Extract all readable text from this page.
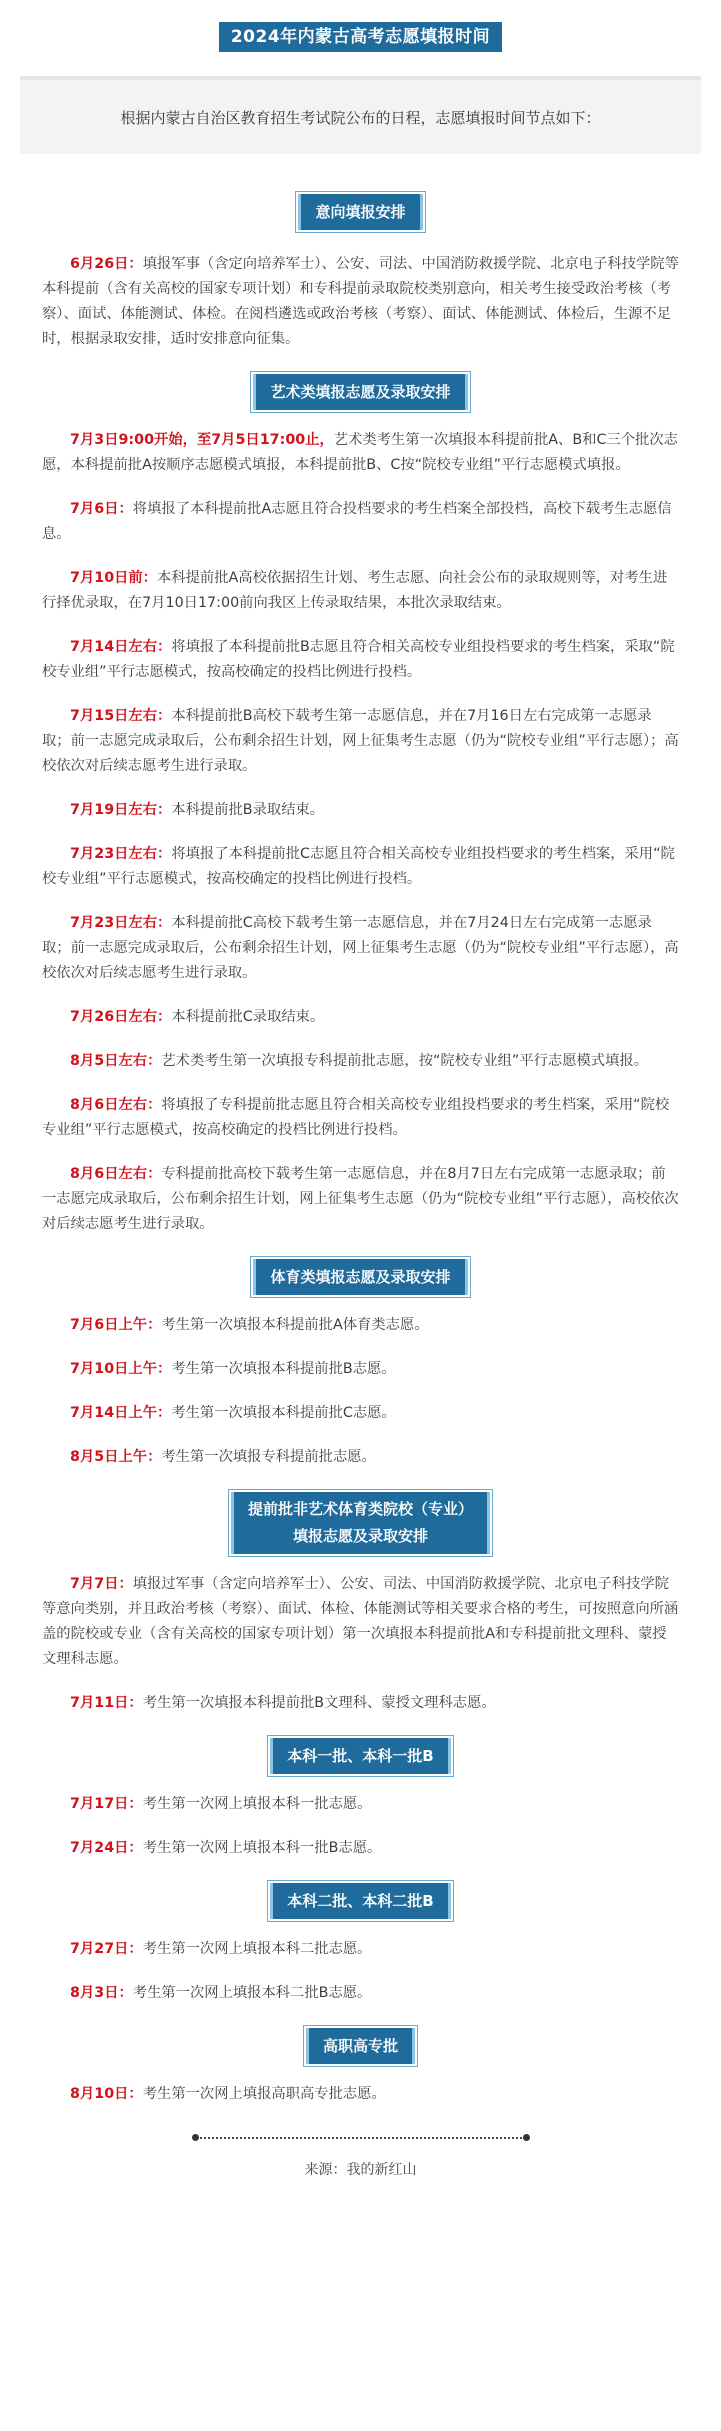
2024年内蒙古高考志愿填报时间
根据内蒙古自治区教育招生考试院公布的日程，志愿填报时间节点如下：
意向填报安排

6月26日：填报军事（含定向培养军士）、公安、司法、中国消防救援学院、北京电子科技学院等本科提前（含有关高校的国家专项计划）和专科提前录取院校类别意向，相关考生接受政治考核（考察）、面试、体能测试、体检。在阅档遴选或政治考核（考察）、面试、体能测试、体检后，生源不足时，根据录取安排，适时安排意向征集。

艺术类填报志愿及录取安排

7月3日9:00开始，至7月5日17:00止，艺术类考生第一次填报本科提前批A、B和C三个批次志愿，本科提前批A按顺序志愿模式填报，本科提前批B、C按“院校专业组”平行志愿模式填报。

7月6日：将填报了本科提前批A志愿且符合投档要求的考生档案全部投档，高校下载考生志愿信息。

7月10日前：本科提前批A高校依据招生计划、考生志愿、向社会公布的录取规则等，对考生进行择优录取，在7月10日17:00前向我区上传录取结果，本批次录取结束。

7月14日左右：将填报了本科提前批B志愿且符合相关高校专业组投档要求的考生档案，采取“院校专业组”平行志愿模式，按高校确定的投档比例进行投档。

7月15日左右：本科提前批B高校下载考生第一志愿信息，并在7月16日左右完成第一志愿录取；前一志愿完成录取后，公布剩余招生计划，网上征集考生志愿（仍为“院校专业组”平行志愿）；高校依次对后续志愿考生进行录取。

7月19日左右：本科提前批B录取结束。

7月23日左右：将填报了本科提前批C志愿且符合相关高校专业组投档要求的考生档案，采用“院校专业组”平行志愿模式，按高校确定的投档比例进行投档。

7月23日左右：本科提前批C高校下载考生第一志愿信息，并在7月24日左右完成第一志愿录取；前一志愿完成录取后，公布剩余招生计划，网上征集考生志愿（仍为“院校专业组”平行志愿），高校依次对后续志愿考生进行录取。

7月26日左右：本科提前批C录取结束。

8月5日左右：艺术类考生第一次填报专科提前批志愿，按“院校专业组”平行志愿模式填报。

8月6日左右：将填报了专科提前批志愿且符合相关高校专业组投档要求的考生档案，采用“院校专业组”平行志愿模式，按高校确定的投档比例进行投档。

8月6日左右：专科提前批高校下载考生第一志愿信息，并在8月7日左右完成第一志愿录取；前一志愿完成录取后，公布剩余招生计划，网上征集考生志愿（仍为“院校专业组”平行志愿），高校依次对后续志愿考生进行录取。

体育类填报志愿及录取安排

7月6日上午：考生第一次填报本科提前批A体育类志愿。

7月10日上午：考生第一次填报本科提前批B志愿。

7月14日上午：考生第一次填报本科提前批C志愿。

8月5日上午：考生第一次填报专科提前批志愿。

提前批非艺术体育类院校（专业）
填报志愿及录取安排

7月7日：填报过军事（含定向培养军士）、公安、司法、中国消防救援学院、北京电子科技学院等意向类别，并且政治考核（考察）、面试、体检、体能测试等相关要求合格的考生，可按照意向所涵盖的院校或专业（含有关高校的国家专项计划）第一次填报本科提前批A和专科提前批文理科、蒙授文理科志愿。

7月11日：考生第一次填报本科提前批B文理科、蒙授文理科志愿。

本科一批、本科一批B

7月17日：考生第一次网上填报本科一批志愿。

7月24日：考生第一次网上填报本科一批B志愿。

本科二批、本科二批B

7月27日：考生第一次网上填报本科二批志愿。

8月3日：考生第一次网上填报本科二批B志愿。

高职高专批

8月10日：考生第一次网上填报高职高专批志愿。

来源：我的新红山
